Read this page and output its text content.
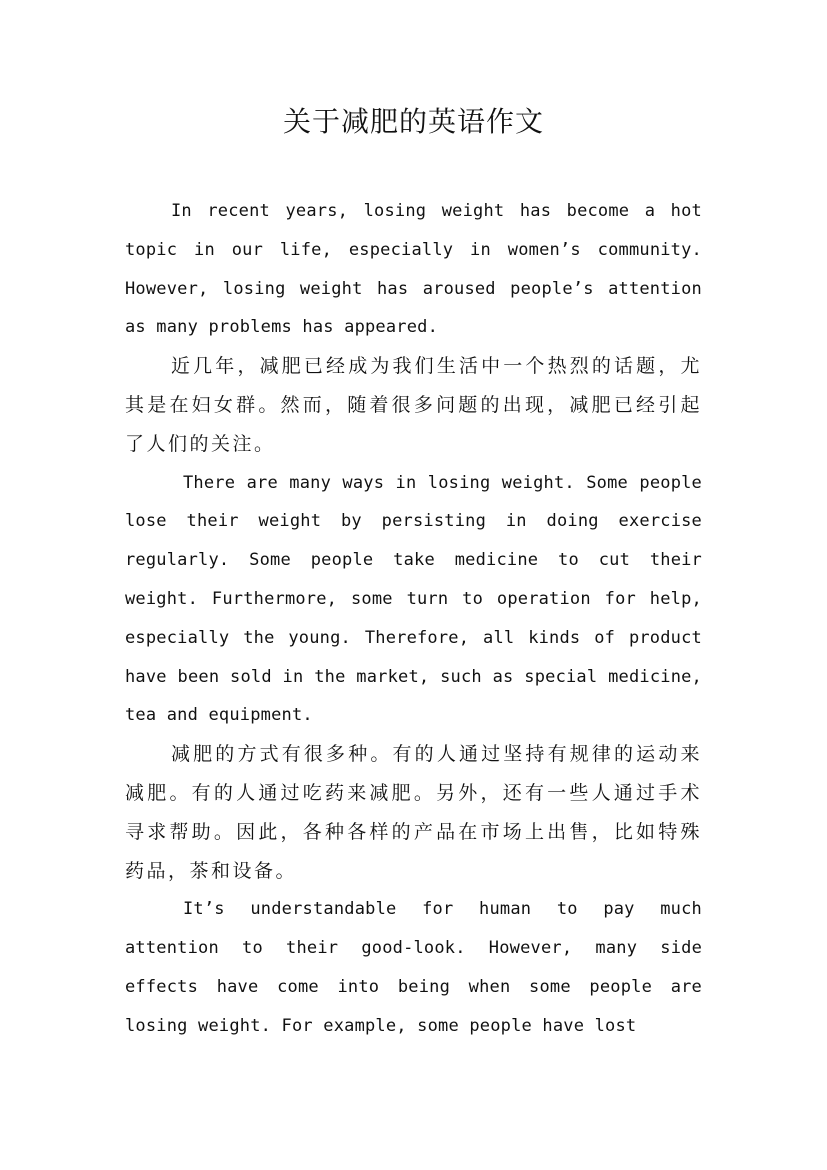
关于减肥的英语作文

In recent years, losing weight has become a hot topic in our life, especially in women’s community. However, losing weight has aroused people’s attention as many problems has appeared.

近几年，减肥已经成为我们生活中一个热烈的话题，尤其是在妇女群。然而，随着很多问题的出现，减肥已经引起了人们的关注。

There are many ways in losing weight. Some people lose their weight by persisting in doing exercise regularly. Some people take medicine to cut their weight. Furthermore, some turn to operation for help, especially the young. Therefore, all kinds of product have been sold in the market, such as special medicine, tea and equipment.

减肥的方式有很多种。有的人通过坚持有规律的运动来减肥。有的人通过吃药来减肥。另外，还有一些人通过手术寻求帮助。因此，各种各样的产品在市场上出售，比如特殊药品，茶和设备。

It’s understandable for human to pay much attention to their good-look. However, many side effects have come into being when some people are losing weight. For example, some people have lost
